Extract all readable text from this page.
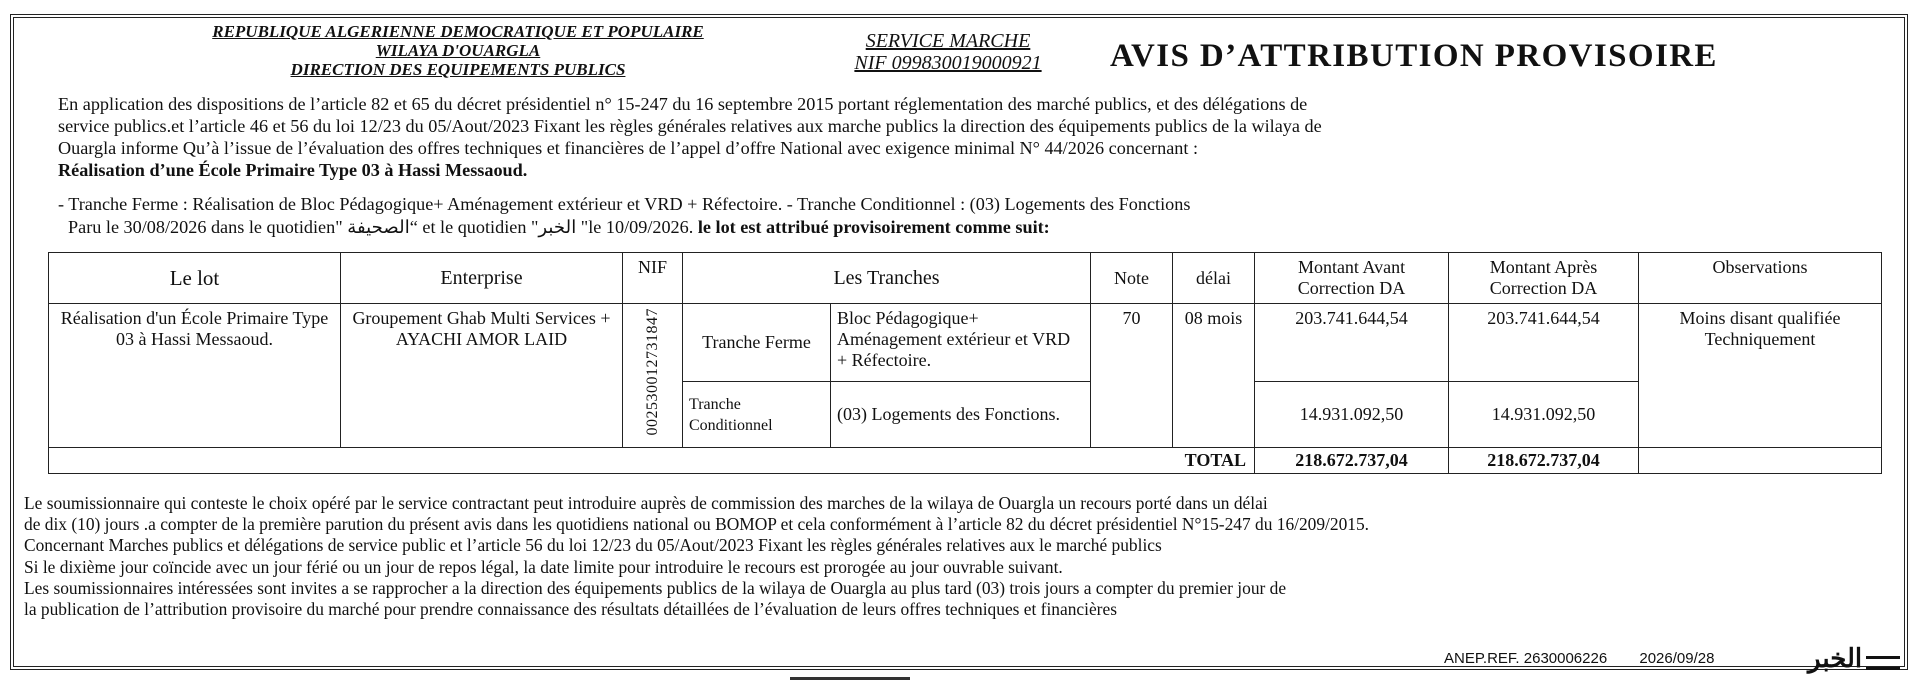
REPUBLIQUE ALGERIENNE DEMOCRATIQUE ET POPULAIRE
WILAYA D'OUARGLA
DIRECTION DES EQUIPEMENTS PUBLICS
SERVICE MARCHE
NIF 099830019000921	AVIS D’ATTRIBUTION PROVISOIRE

En application des dispositions de l’article 82 et 65 du décret présidentiel n° 15-247 du 16 septembre 2015 portant réglementation des marché publics, et des délégations de

service publics.et l’article 46 et 56 du loi 12/23 du 05/Aout/2023 Fixant les règles générales relatives aux marche publics la direction des équipements publics de la wilaya de

Ouargla informe Qu’à l’issue de l’évaluation des offres techniques et financières de l’appel d’offre National avec exigence minimal N° 44/2026 concernant :

Réalisation d’une École Primaire Type 03 à Hassi Messaoud.

- Tranche Ferme : Réalisation de Bloc Pédagogique+ Aménagement extérieur et VRD + Réfectoire. - Tranche Conditionnel : (03) Logements des Fonctions
Paru le 30/08/2026 dans le quotidien" الصحيفة“ et le quotidien "الخبر "le 10/09/2026. le lot est attribué provisoirement comme suit:
Le lot	Enterprise	NIF	Les Tranches		Note	délai	Montant Avant Correction DA	Montant Après Correction DA	Observations
Réalisation d'un École Primaire Type 03 à Hassi Messaoud.	Groupement Ghab Multi Services + AYACHI AMOR LAID	002530012731847	Tranche Ferme	Bloc Pédagogique+ Aménagement extérieur et VRD + Réfectoire.	70	08 mois	203.741.644,54	203.741.644,54	Moins disant qualifiée Techniquement
			Tranche Conditionnel	(03) Logements des Fonctions.			14.931.092,50	14.931.092,50	
TOTAL							218.672.737,04	218.672.737,04	

Le soumissionnaire qui conteste le choix opéré par le service contractant peut introduire auprès de commission des marches de la wilaya de Ouargla un recours porté dans un délai

de dix (10) jours .a compter de la première parution du présent avis dans les quotidiens national ou BOMOP et cela conformément à l’article 82 du décret présidentiel N°15-247 du 16/209/2015.

Concernant Marches publics et délégations de service public et l’article 56 du loi 12/23 du 05/Aout/2023 Fixant les règles générales relatives aux le marché publics

Si le dixième jour coïncide avec un jour férié ou un jour de repos légal, la date limite pour introduire le recours est prorogée au jour ouvrable suivant.

Les soumissionnaires intéressées sont invites a se rapprocher a la direction des équipements publics de la wilaya de Ouargla au plus tard (03) trois jours a compter du premier jour de

la publication de l’attribution provisoire du marché pour prendre connaissance des résultats détaillées de l’évaluation de leurs offres techniques et financières

ANEP.REF. 2630006226 2026/09/28	الخبر
